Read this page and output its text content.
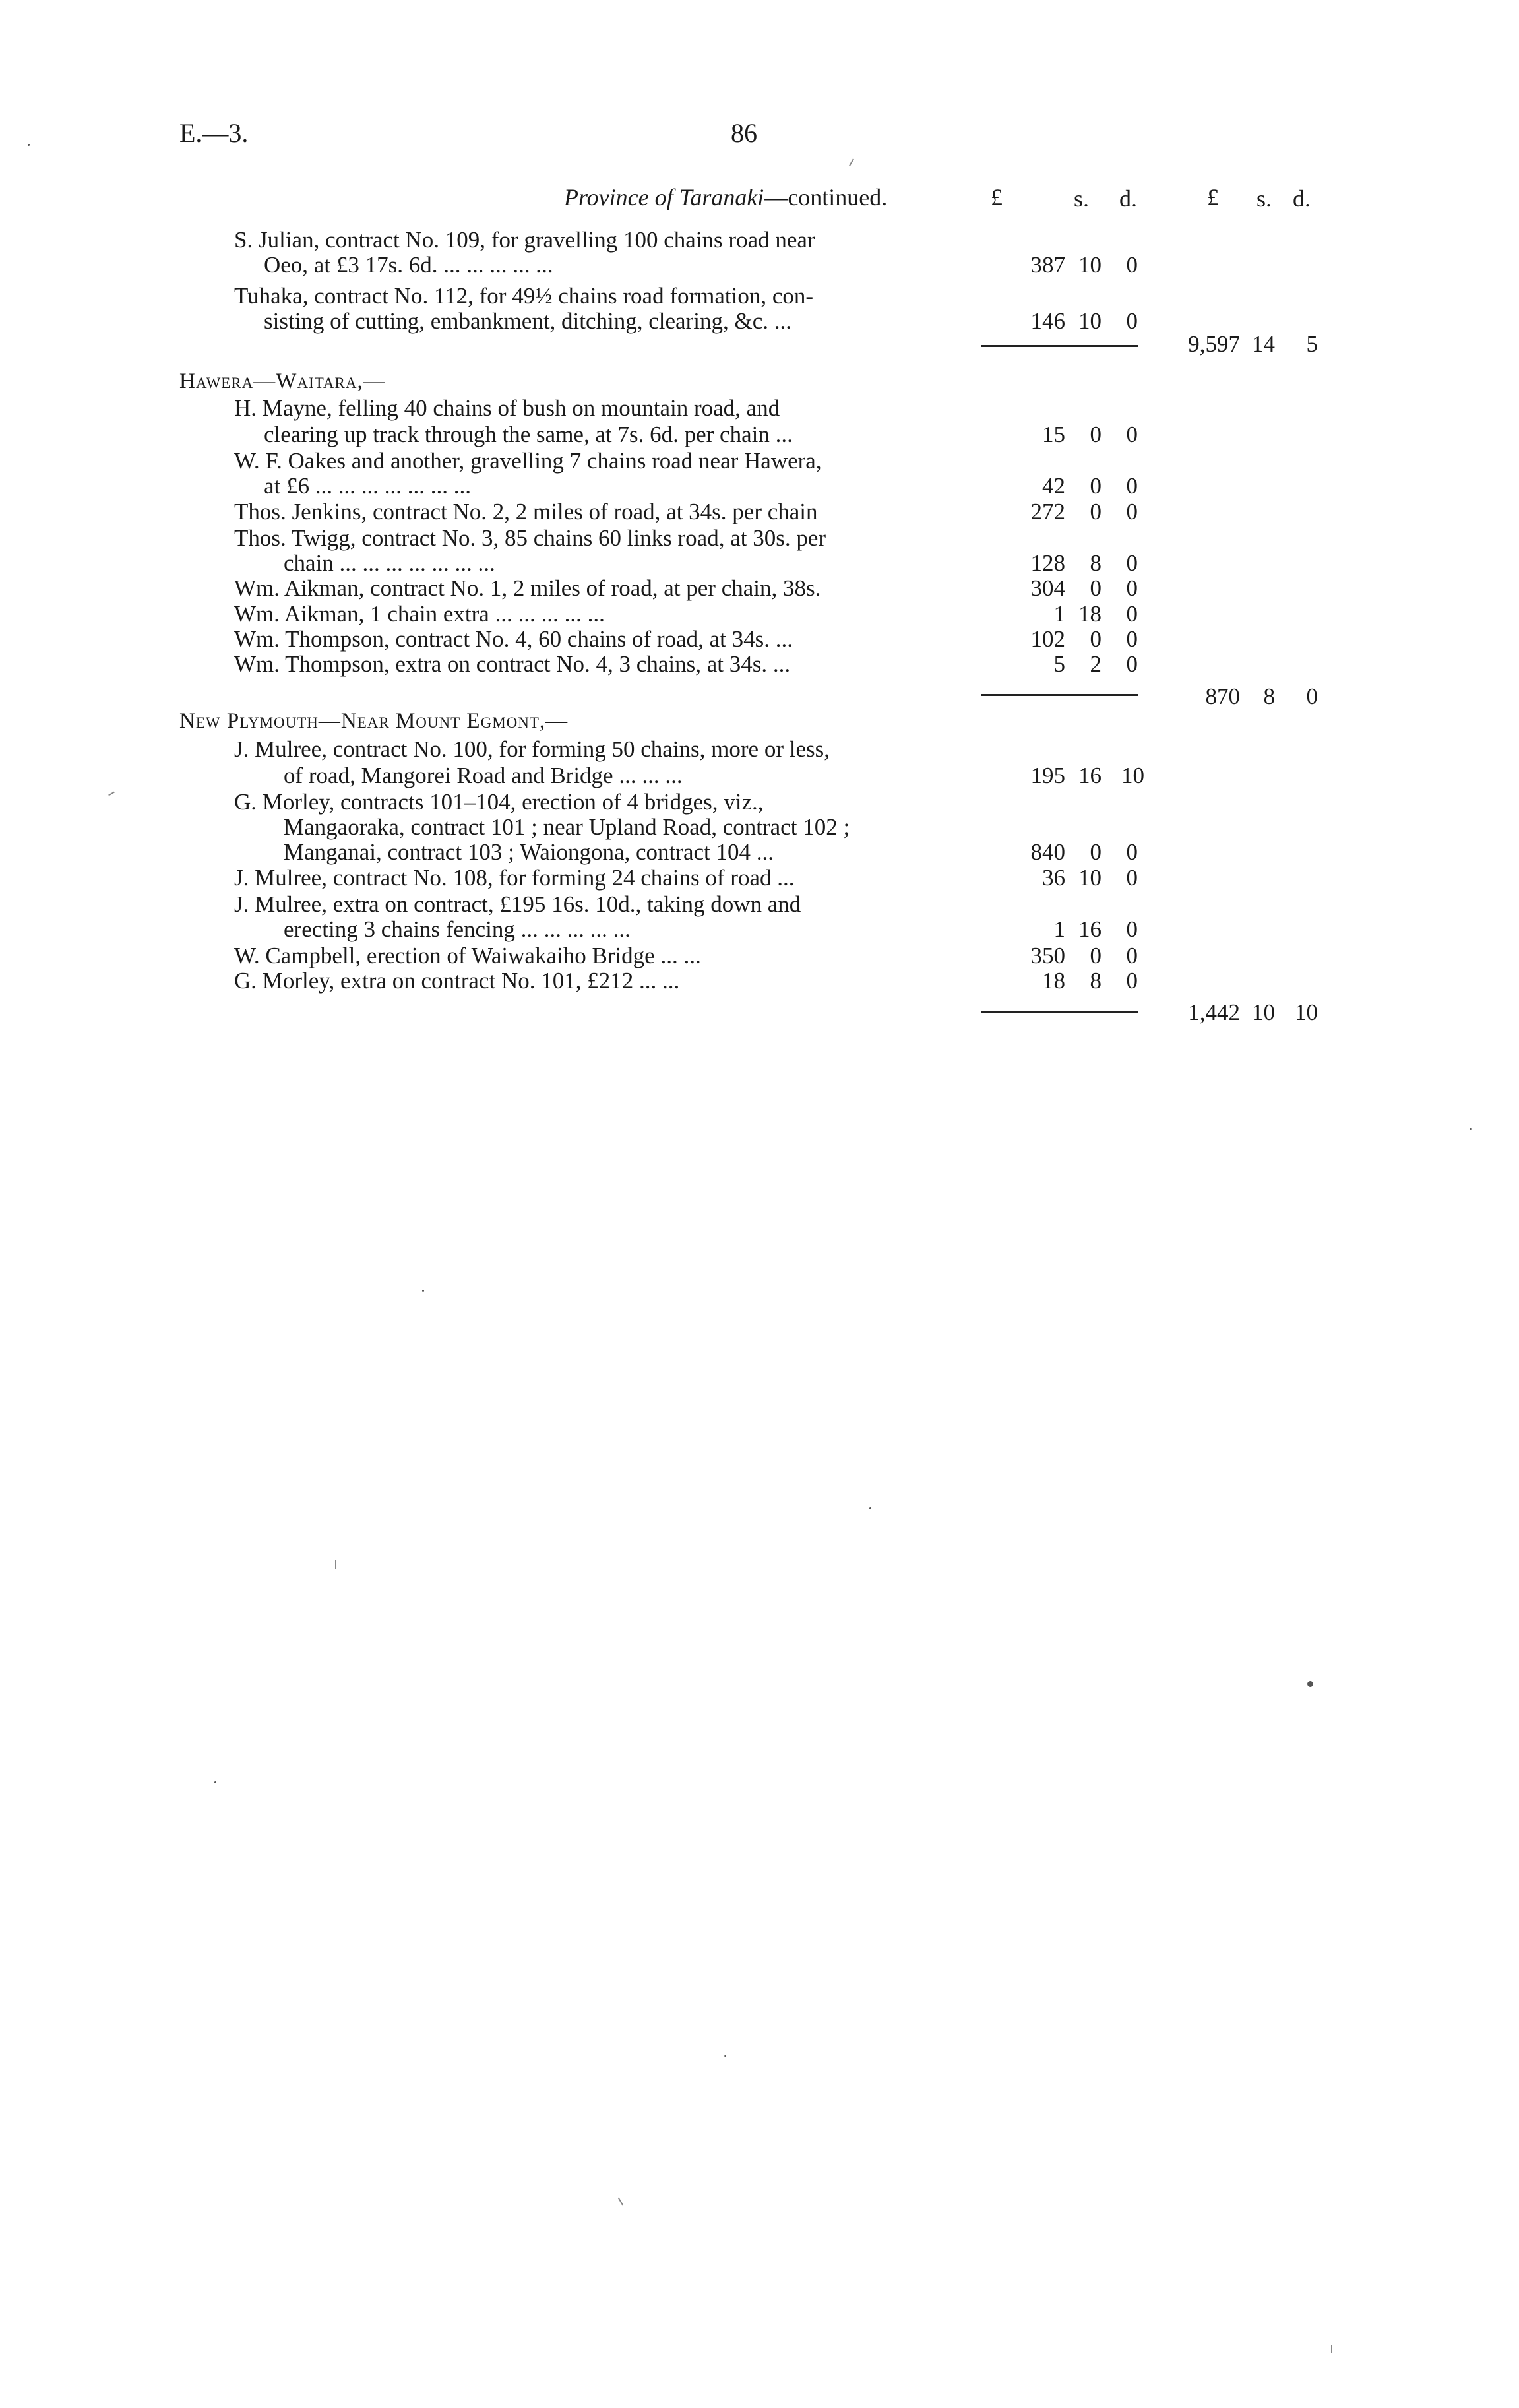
E.—3.	86
Province of Taranaki—continued.	£	s. d.	£ s. d.
S. Julian, contract No. 109, for gravelling 100 chains road near
Oeo, at £3 17s. 6d. ... ... ... ... ...	387 10	0
Tuhaka, contract No. 112, for 49½ chains road formation, con-
sisting of cutting, embankment, ditching, clearing, &c. ...	146 10	0
9,597 14	5
Hawera—Waitara,—
H. Mayne, felling 40 chains of bush on mountain road, and
clearing up track through the same, at 7s. 6d. per chain ...	15	0	0
W. F. Oakes and another, gravelling 7 chains road near Hawera,
at £6 ... ... ... ... ... ... ...	42	0	0
Thos. Jenkins, contract No. 2, 2 miles of road, at 34s. per chain	272	0	0
Thos. Twigg, contract No. 3, 85 chains 60 links road, at 30s. per
chain ... ... ... ... ... ... ...	128	8	0
Wm. Aikman, contract No. 1, 2 miles of road, at per chain, 38s.	304	0	0
Wm. Aikman, 1 chain extra ... ... ... ... ...	1 18	0
Wm. Thompson, contract No. 4, 60 chains of road, at 34s. ...	102	0	0
Wm. Thompson, extra on contract No. 4, 3 chains, at 34s. ...	5	2	0
870	8	0
New Plymouth—Near Mount Egmont,—
J. Mulree, contract No. 100, for forming 50 chains, more or less,
of road, Mangorei Road and Bridge ... ... ...	195 16 10
G. Morley, contracts 101–104, erection of 4 bridges, viz.,
Mangaoraka, contract 101 ; near Upland Road, contract 102 ;
Manganai, contract 103 ; Waiongona, contract 104 ...	840	0	0
J. Mulree, contract No. 108, for forming 24 chains of road ...	36 10	0
J. Mulree, extra on contract, £195 16s. 10d., taking down and
erecting 3 chains fencing ... ... ... ... ...	1 16	0
W. Campbell, erection of Waiwakaiho Bridge ... ...	350	0	0
G. Morley, extra on contract No. 101, £212 ... ...	18	8	0
1,442 10 10
